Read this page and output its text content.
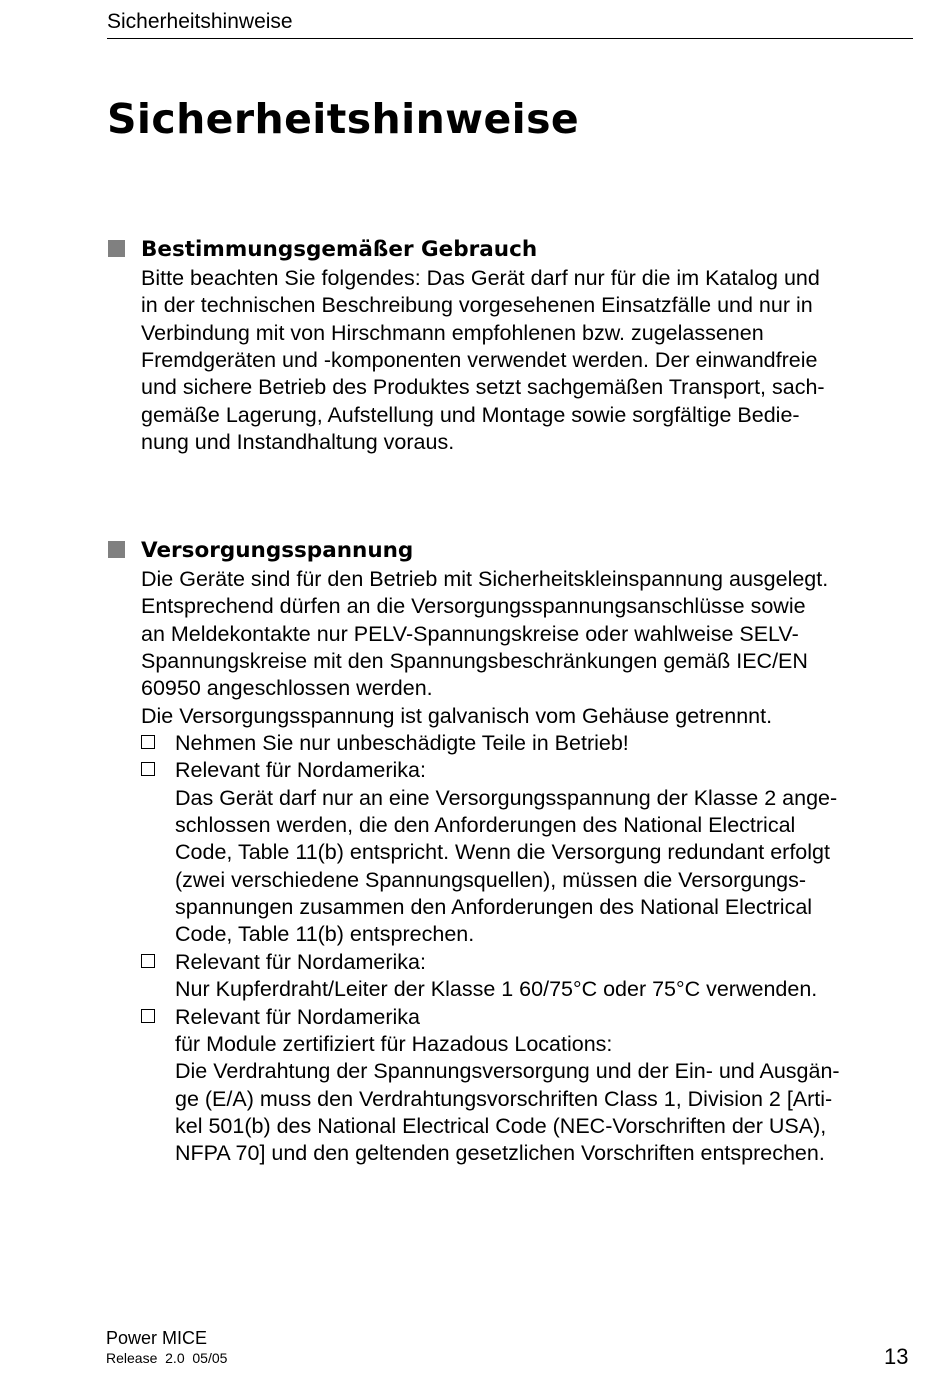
Sicherheitshinweise
Sicherheitshinweise
Bestimmungsgemäßer Gebrauch
Bitte beachten Sie folgendes: Das Gerät darf nur für die im Katalog und
in der technischen Beschreibung vorgesehenen Einsatzfälle und nur in
Verbindung mit von Hirschmann empfohlenen bzw. zugelassenen
Fremdgeräten und -komponenten verwendet werden. Der einwandfreie
und sichere Betrieb des Produktes setzt sachgemäßen Transport, sach-
gemäße Lagerung, Aufstellung und Montage sowie sorgfältige Bedie-
nung und Instandhaltung voraus.
Versorgungsspannung
Die Geräte sind für den Betrieb mit Sicherheitskleinspannung ausgelegt.
Entsprechend dürfen an die Versorgungsspannungsanschlüsse sowie
an Meldekontakte nur PELV-Spannungskreise oder wahlweise SELV-
Spannungskreise mit den Spannungsbeschränkungen gemäß IEC/EN
60950 angeschlossen werden.
Die Versorgungsspannung ist galvanisch vom Gehäuse getrennnt.
Nehmen Sie nur unbeschädigte Teile in Betrieb!
Relevant für Nordamerika:
Das Gerät darf nur an eine Versorgungsspannung der Klasse 2 ange-
schlossen werden, die den Anforderungen des National Electrical
Code, Table 11(b) entspricht. Wenn die Versorgung redundant erfolgt
(zwei verschiedene Spannungsquellen), müssen die Versorgungs-
spannungen zusammen den Anforderungen des National Electrical
Code, Table 11(b) entsprechen.
Relevant für Nordamerika:
Nur Kupferdraht/Leiter der Klasse 1 60/75°C oder 75°C verwenden.
Relevant für Nordamerika
für Module zertifiziert für Hazadous Locations:
Die Verdrahtung der Spannungsversorgung und der Ein- und Ausgän-
ge (E/A) muss den Verdrahtungsvorschriften Class 1, Division 2 [Arti-
kel 501(b) des National Electrical Code (NEC-Vorschriften der USA),
NFPA 70] und den geltenden gesetzlichen Vorschriften entsprechen.
Power MICE
Release  2.0  05/05	13
